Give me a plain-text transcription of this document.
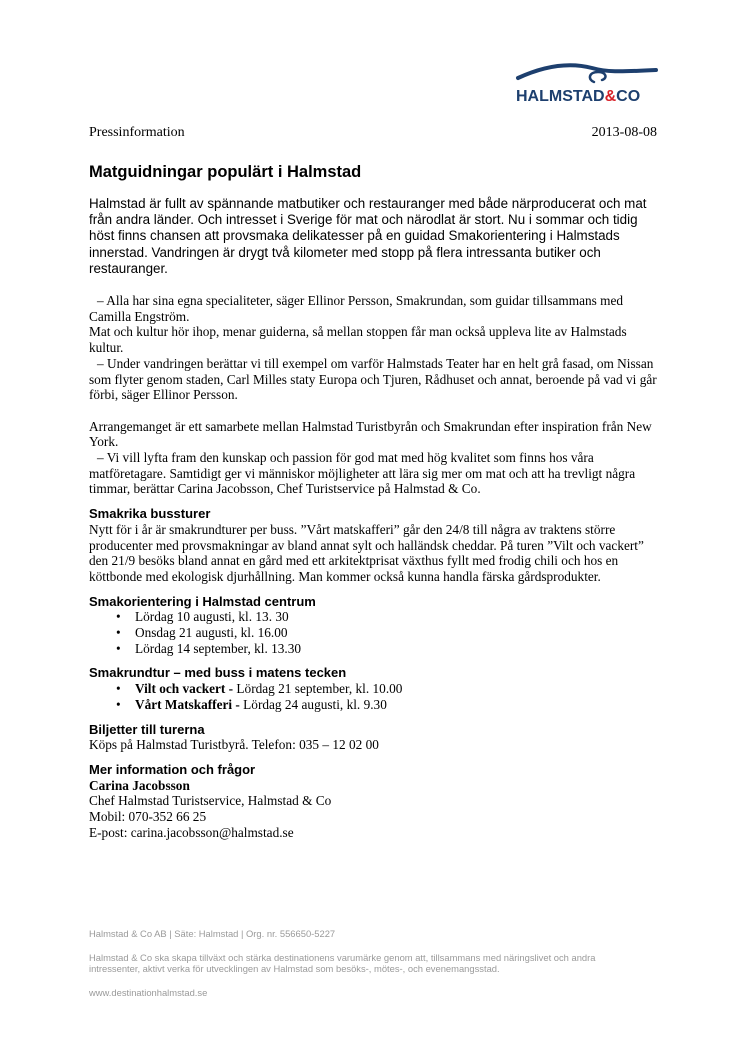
HALMSTAD&CO
Pressinformation	2013-08-08
Matguidningar populärt i Halmstad

Halmstad är fullt av spännande matbutiker och restauranger med både närproducerat och mat från andra länder. Och intresset i Sverige för mat och närodlat är stort. Nu i sommar och tidig höst finns chansen att provsmaka delikatesser på en guidad Smakorientering i Halmstads innerstad. Vandringen är drygt två kilometer med stopp på flera intressanta butiker och restauranger.

– Alla har sina egna specialiteter, säger Ellinor Persson, Smakrundan, som guidar tillsammans med Camilla Engström.

Mat och kultur hör ihop, menar guiderna, så mellan stoppen får man också uppleva lite av Halmstads kultur.

– Under vandringen berättar vi till exempel om varför Halmstads Teater har en helt grå fasad, om Nissan som flyter genom staden, Carl Milles staty Europa och Tjuren, Rådhuset och annat, beroende på vad vi går förbi, säger Ellinor Persson.

Arrangemanget är ett samarbete mellan Halmstad Turistbyrån och Smakrundan efter inspiration från New York.

– Vi vill lyfta fram den kunskap och passion för god mat med hög kvalitet som finns hos våra matföretagare. Samtidigt ger vi människor möjligheter att lära sig mer om mat och att ha trevligt några timmar, berättar Carina Jacobsson, Chef Turistservice på Halmstad & Co.

Smakrika bussturer

Nytt för i år är smakrundturer per buss. ”Vårt matskafferi” går den 24/8 till några av traktens större producenter med provsmakningar av bland annat sylt och halländsk cheddar. På turen ”Vilt och vackert” den 21/9 besöks bland annat en gård med ett arkitektprisat växthus fyllt med frodig chili och hos en köttbonde med ekologisk djurhållning. Man kommer också kunna handla färska gårdsprodukter.

Smakorientering i Halmstad centrum

• Lördag 10 augusti, kl. 13. 30
• Onsdag 21 augusti, kl. 16.00
• Lördag 14 september, kl. 13.30

Smakrundtur – med buss i matens tecken

• Vilt och vackert - Lördag 21 september, kl. 10.00
• Vårt Matskafferi - Lördag 24 augusti, kl. 9.30

Biljetter till turerna

Köps på Halmstad Turistbyrå. Telefon: 035 – 12 02 00

Mer information och frågor

Carina Jacobsson

Chef Halmstad Turistservice, Halmstad & Co

Mobil: 070-352 66 25

E-post: carina.jacobsson@halmstad.se

Halmstad & Co AB | Säte: Halmstad | Org. nr. 556650-5227

Halmstad & Co ska skapa tillväxt och stärka destinationens varumärke genom att, tillsammans med näringslivet och andra intressenter, aktivt verka för utvecklingen av Halmstad som besöks-, mötes-, och evenemangsstad.

www.destinationhalmstad.se
